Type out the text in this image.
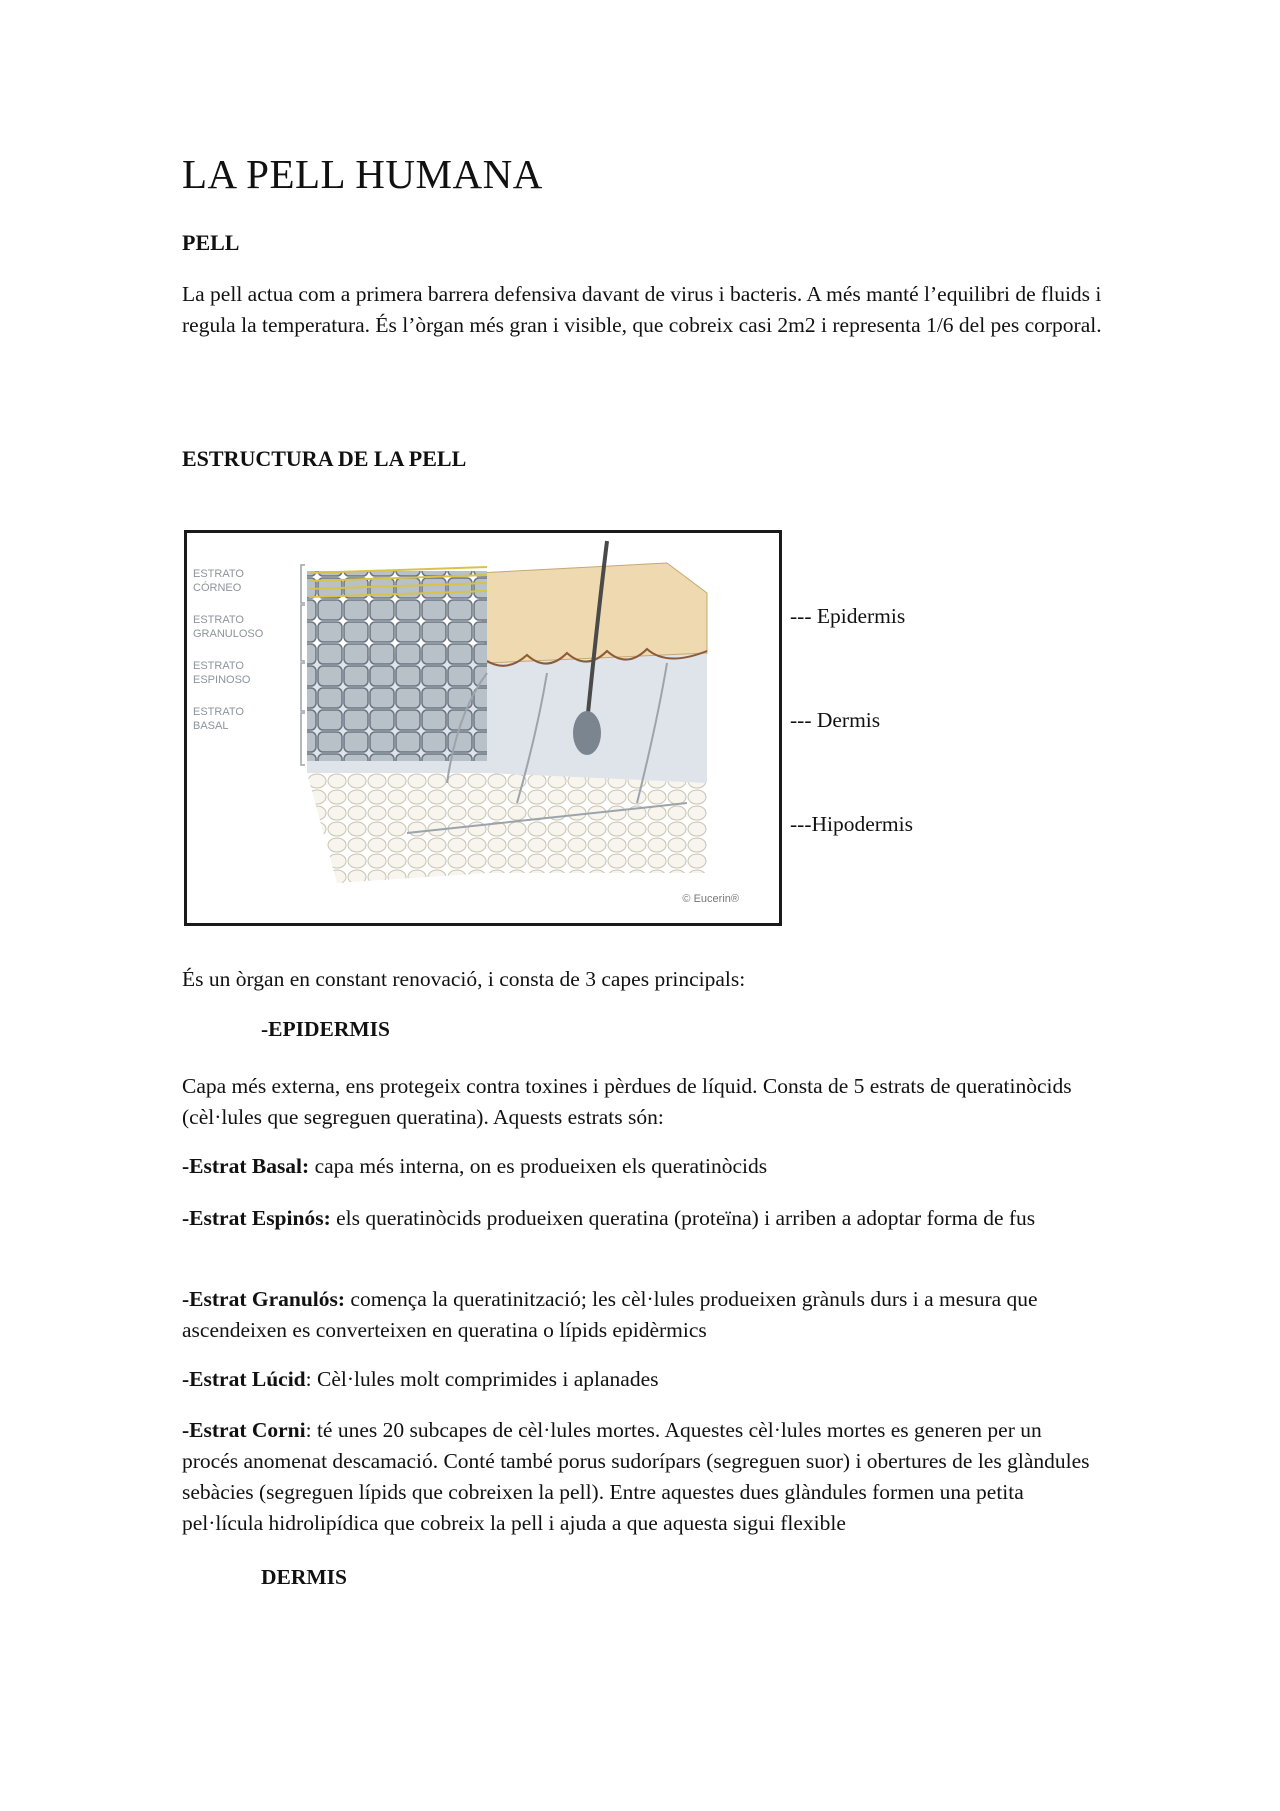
LA PELL HUMANA
PELL

La pell actua com a primera barrera defensiva davant de virus i bacteris. A més manté l’equilibri de fluids i regula la temperatura. És l’òrgan més gran i visible, que cobreix casi 2m2 i representa 1/6 del pes corporal.

ESTRUCTURA DE LA PELL
ESTRATO
CÓRNEO
ESTRATO
GRANULOSO
ESTRATO
ESPINOSO
ESTRATO
BASAL
© Eucerin®
--- Epidermis
--- Dermis
---Hipodermis

És un òrgan en constant renovació, i consta de 3 capes principals:

-EPIDERMIS

Capa més externa, ens protegeix contra toxines i pèrdues de líquid. Consta de 5 estrats de queratinòcids (cèl·lules que segreguen queratina). Aquests estrats són:

-Estrat Basal: capa més interna, on es produeixen els queratinòcids

-Estrat Espinós: els queratinòcids produeixen queratina (proteïna) i arriben a adoptar forma de fus

-Estrat Granulós: comença la queratinització; les cèl·lules produeixen grànuls durs i a mesura que ascendeixen es converteixen en queratina o lípids epidèrmics

-Estrat Lúcid: Cèl·lules molt comprimides i aplanades

-Estrat Corni: té unes 20 subcapes de cèl·lules mortes. Aquestes cèl·lules mortes es generen per un procés anomenat descamació. Conté també porus sudorípars (segreguen suor) i obertures de les glàndules sebàcies (segreguen lípids que cobreixen la pell). Entre aquestes dues glàndules formen una petita pel·lícula hidrolipídica que cobreix la pell i ajuda a que aquesta sigui flexible

DERMIS
